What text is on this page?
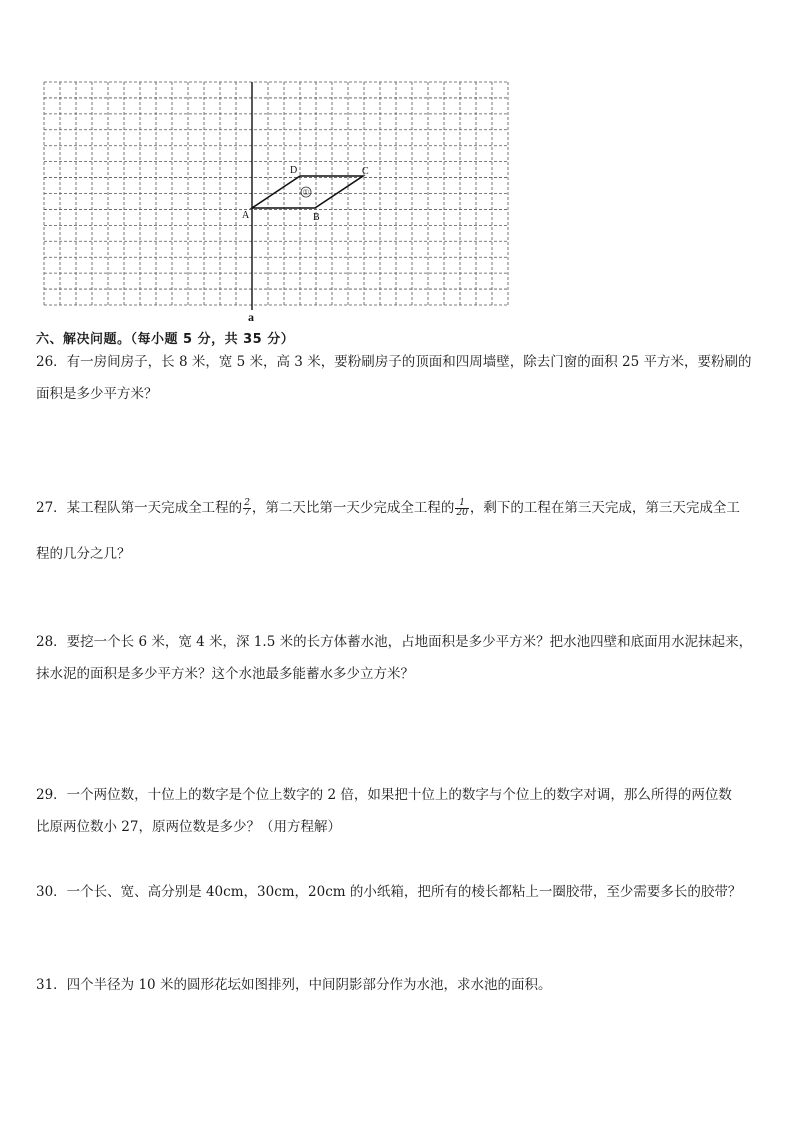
①
A	B
C
D
a
六、解决问题。（每小题 5 分，共 35 分）

26．有一房间房子，长 8 米，宽 5 米，高 3 米，要粉刷房子的顶面和四周墙壁，除去门窗的面积 25 平方米，要粉刷的

面积是多少平方米？

27．某工程队第一天完成全工程的 $\frac{2}{7}$ ，第二天比第一天少完成全工程的 $\frac{1}{20}$ ，剩下的工程在第三天完成，第三天完成全工

程的几分之几？

28．要挖一个长 6 米，宽 4 米，深 1.5 米的长方体蓄水池，占地面积是多少平方米？把水池四壁和底面用水泥抹起来，

抹水泥的面积是多少平方米？这个水池最多能蓄水多少立方米？

29．一个两位数，十位上的数字是个位上数字的 2 倍，如果把十位上的数字与个位上的数字对调，那么所得的两位数

比原两位数小 27，原两位数是多少？（用方程解）

30．一个长、宽、高分别是 40cm，30cm，20cm 的小纸箱，把所有的棱长都粘上一圈胶带，至少需要多长的胶带？

31．四个半径为 10 米的圆形花坛如图排列，中间阴影部分作为水池，求水池的面积。
